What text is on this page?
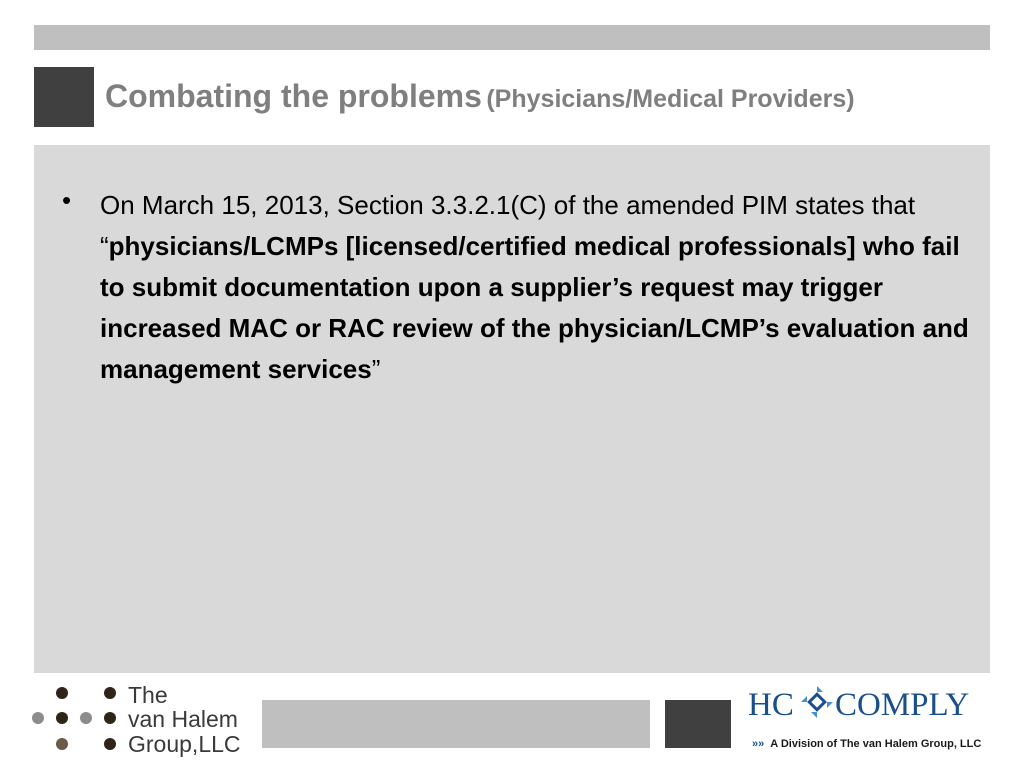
Combating the problems (Physicians/Medical Providers)
• On March 15, 2013, Section 3.3.2.1(C) of the amended PIM states that “physicians/LCMPs [licensed/certified medical professionals] who fail to submit documentation upon a supplier’s request may trigger increased MAC or RAC review of the physician/LCMP’s evaluation and management services”
The
van Halem
Group,LLC
HC COMPLY
»» A Division of The van Halem Group, LLC
